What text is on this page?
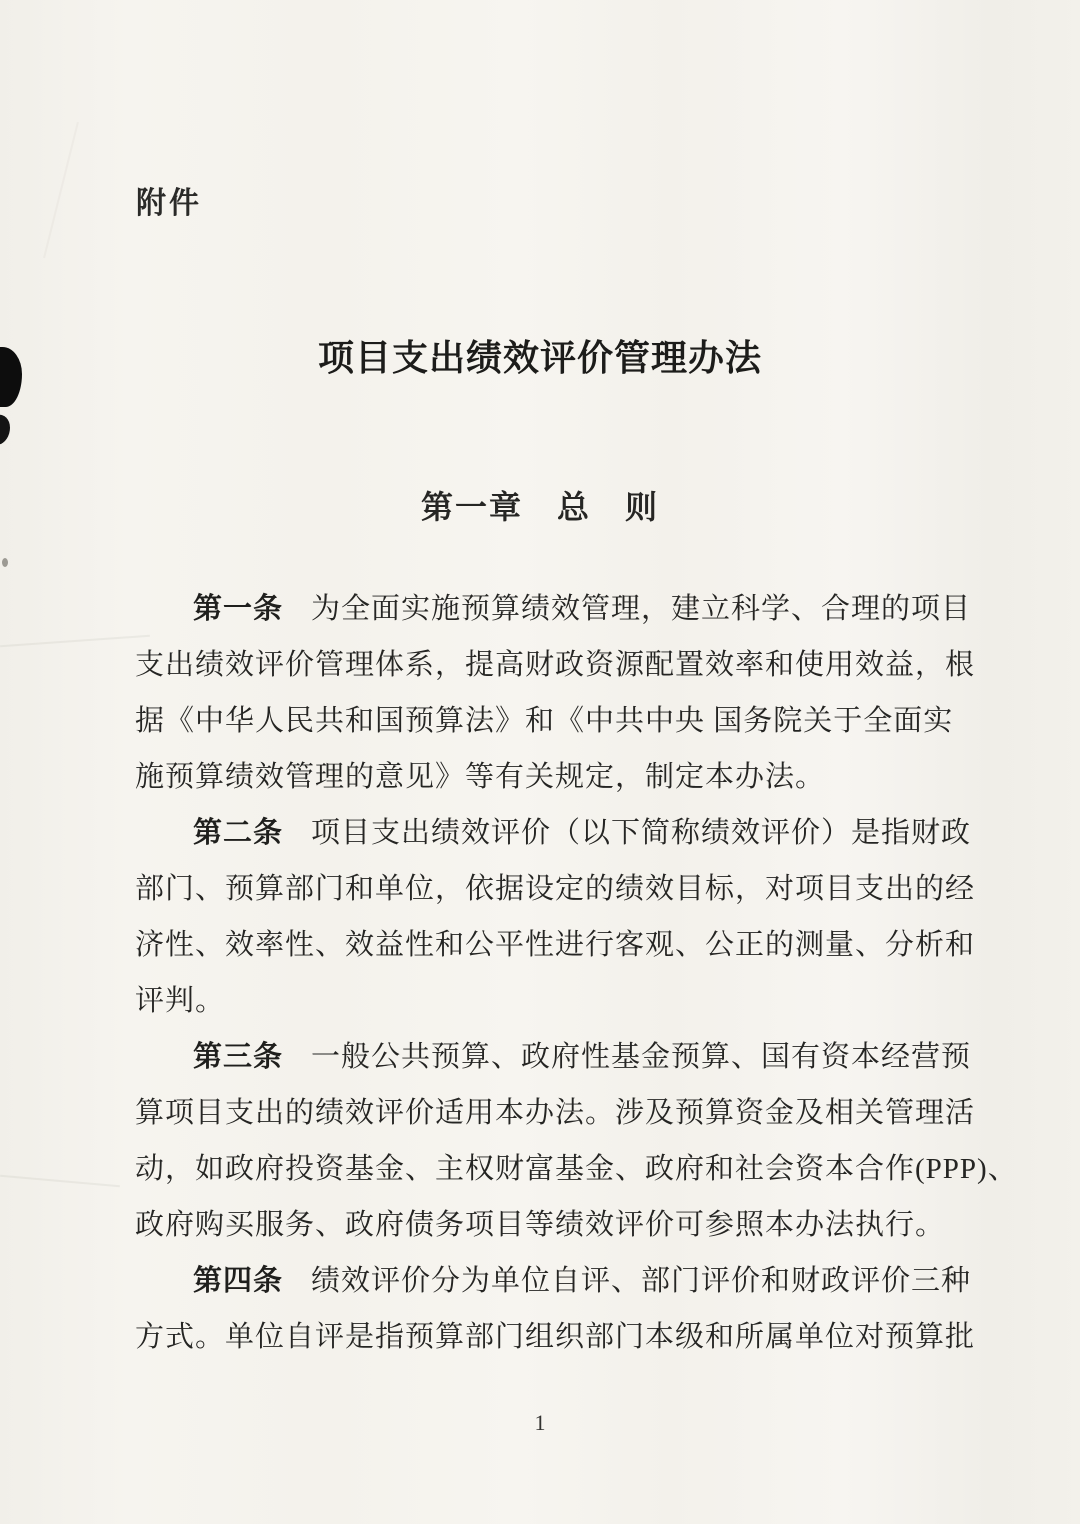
附件
项目支出绩效评价管理办法
第一章　总　则
第一条 为全面实施预算绩效管理，建立科学、合理的项目
支出绩效评价管理体系，提高财政资源配置效率和使用效益，根
据《中华人民共和国预算法》和《中共中央 国务院关于全面实
施预算绩效管理的意见》等有关规定，制定本办法。
第二条 项目支出绩效评价（以下简称绩效评价）是指财政
部门、预算部门和单位，依据设定的绩效目标，对项目支出的经
济性、效率性、效益性和公平性进行客观、公正的测量、分析和
评判。
第三条 一般公共预算、政府性基金预算、国有资本经营预
算项目支出的绩效评价适用本办法。涉及预算资金及相关管理活
动，如政府投资基金、主权财富基金、政府和社会资本合作(PPP)、
政府购买服务、政府债务项目等绩效评价可参照本办法执行。
第四条 绩效评价分为单位自评、部门评价和财政评价三种
方式。单位自评是指预算部门组织部门本级和所属单位对预算批
1
